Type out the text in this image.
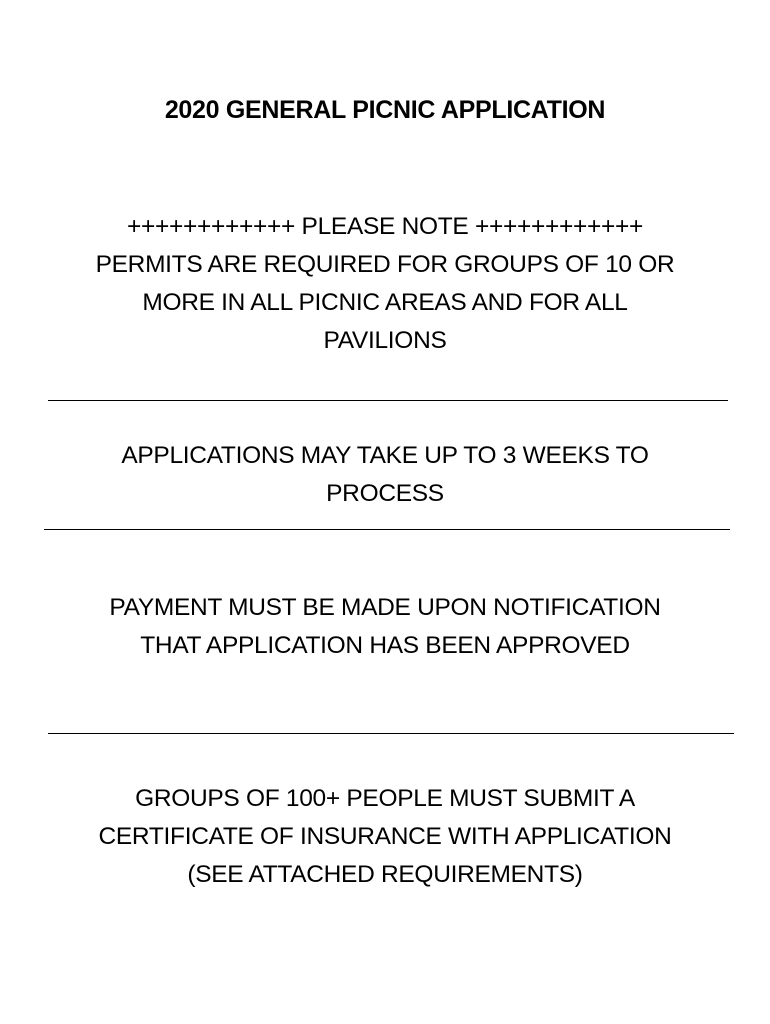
2020 GENERAL PICNIC APPLICATION
++++++++++++ PLEASE NOTE ++++++++++++
PERMITS ARE REQUIRED FOR GROUPS OF 10 OR
MORE IN ALL PICNIC AREAS AND FOR ALL
PAVILIONS
APPLICATIONS MAY TAKE UP TO 3 WEEKS TO
PROCESS
PAYMENT MUST BE MADE UPON NOTIFICATION
THAT APPLICATION HAS BEEN APPROVED
GROUPS OF 100+ PEOPLE MUST SUBMIT A
CERTIFICATE OF INSURANCE WITH APPLICATION
(SEE ATTACHED REQUIREMENTS)
